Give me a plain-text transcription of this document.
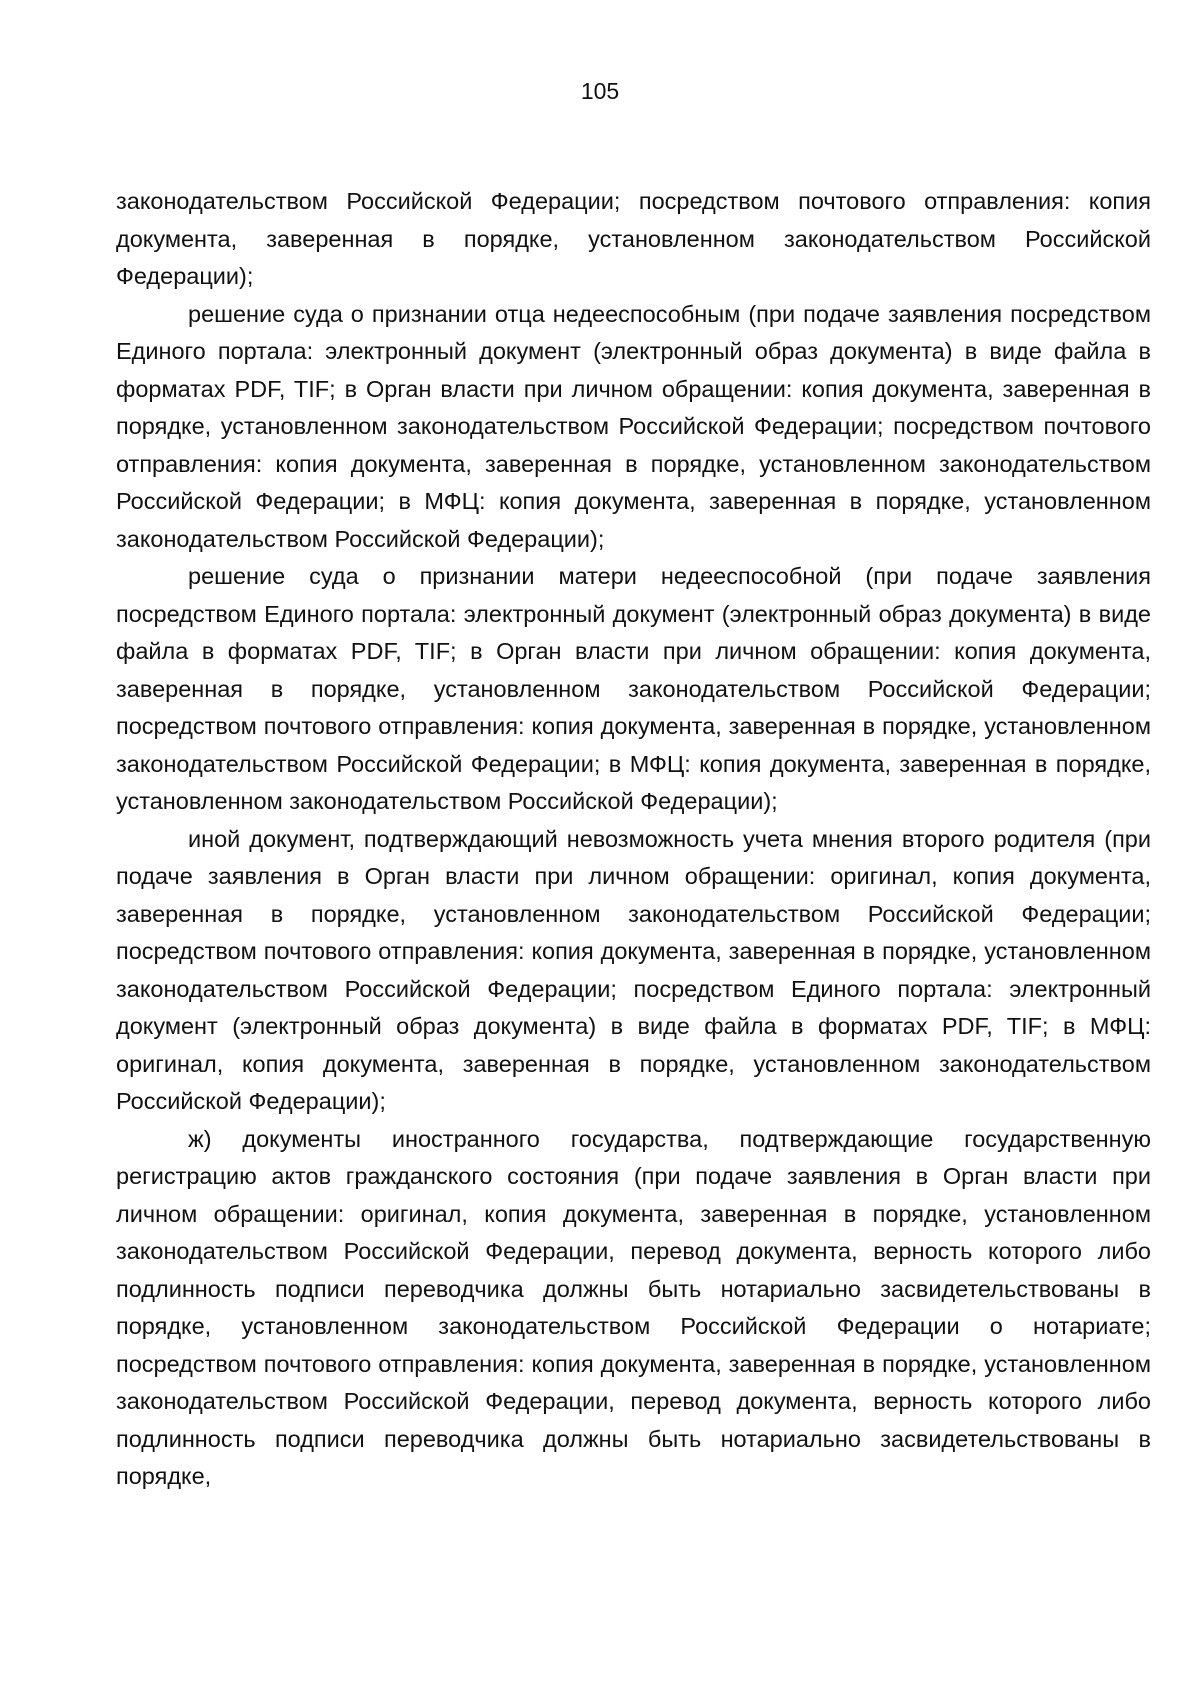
105

законодательством Российской Федерации; посредством почтового отправления: копия документа, заверенная в порядке, установленном законодательством Российской Федерации);

решение суда о признании отца недееспособным (при подаче заявления посредством Единого портала: электронный документ (электронный образ документа) в виде файла в форматах PDF, TIF; в Орган власти при личном обращении: копия документа, заверенная в порядке, установленном законодательством Российской Федерации; посредством почтового отправления: копия документа, заверенная в порядке, установленном законодательством Российской Федерации; в МФЦ: копия документа, заверенная в порядке, установленном законодательством Российской Федерации);

решение суда о признании матери недееспособной (при подаче заявления посредством Единого портала: электронный документ (электронный образ документа) в виде файла в форматах PDF, TIF; в Орган власти при личном обращении: копия документа, заверенная в порядке, установленном законодательством Российской Федерации; посредством почтового отправления: копия документа, заверенная в порядке, установленном законодательством Российской Федерации; в МФЦ: копия документа, заверенная в порядке, установленном законодательством Российской Федерации);

иной документ, подтверждающий невозможность учета мнения второго родителя (при подаче заявления в Орган власти при личном обращении: оригинал, копия документа, заверенная в порядке, установленном законодательством Российской Федерации; посредством почтового отправления: копия документа, заверенная в порядке, установленном законодательством Российской Федерации; посредством Единого портала: электронный документ (электронный образ документа) в виде файла в форматах PDF, TIF; в МФЦ: оригинал, копия документа, заверенная в порядке, установленном законодательством Российской Федерации);

ж) документы иностранного государства, подтверждающие государственную регистрацию актов гражданского состояния (при подаче заявления в Орган власти при личном обращении: оригинал, копия документа, заверенная в порядке, установленном законодательством Российской Федерации, перевод документа, верность которого либо подлинность подписи переводчика должны быть нотариально засвидетельствованы в порядке, установленном законодательством Российской Федерации о нотариате; посредством почтового отправления: копия документа, заверенная в порядке, установленном законодательством Российской Федерации, перевод документа, верность которого либо подлинность подписи переводчика должны быть нотариально засвидетельствованы в порядке,
